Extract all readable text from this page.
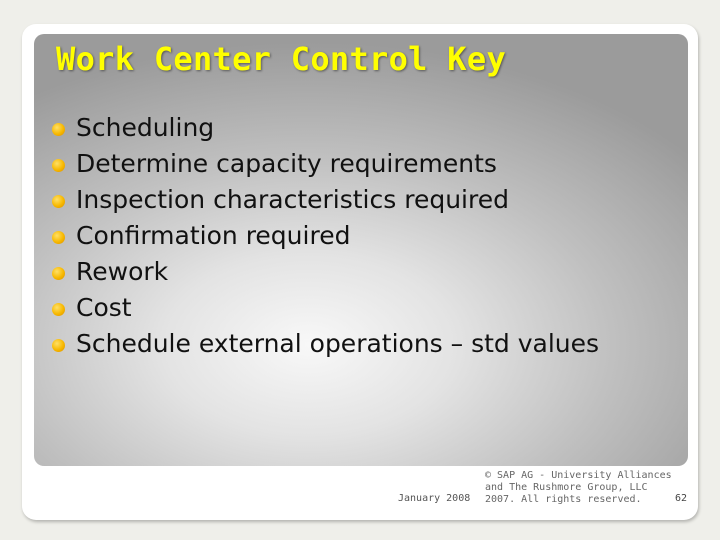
Work Center Control Key
Scheduling
Determine capacity requirements
Inspection characteristics required
Confirmation required
Rework
Cost
Schedule external operations – std values
January 2008
© SAP AG - University Alliances
and The Rushmore Group, LLC
2007. All rights reserved.	62
